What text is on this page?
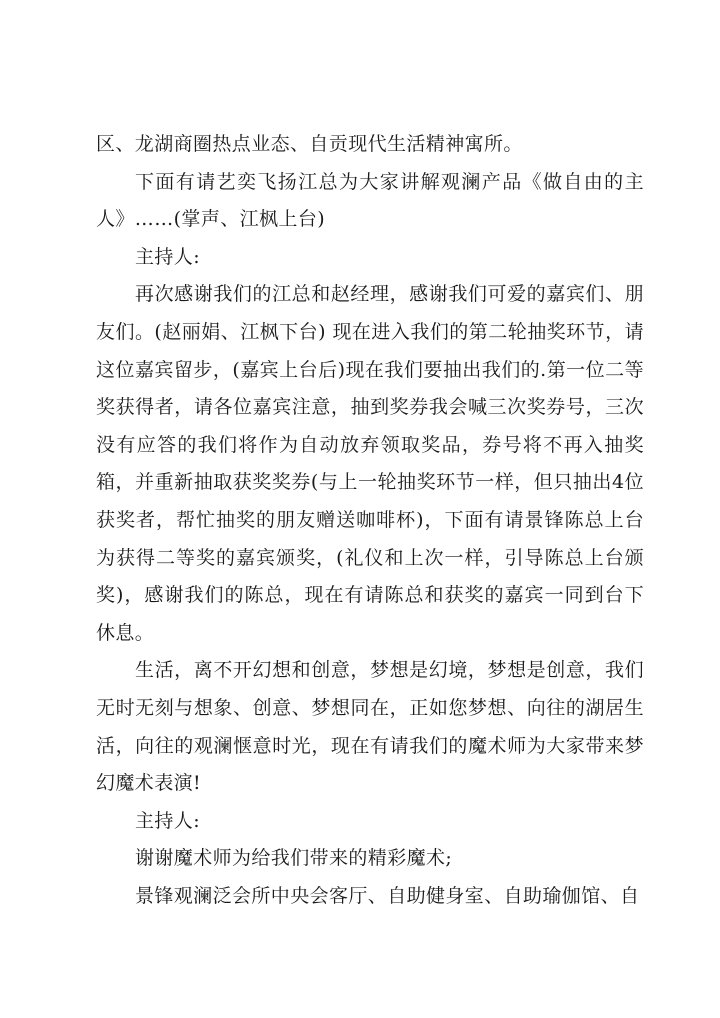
区、龙湖商圈热点业态、自贡现代生活精神寓所。

下面有请艺奕飞扬江总为大家讲解观澜产品《做自由的主人》……(掌声、江枫上台)

主持人:

再次感谢我们的江总和赵经理，感谢我们可爱的嘉宾们、朋友们。(赵丽娟、江枫下台) 现在进入我们的第二轮抽奖环节，请这位嘉宾留步，(嘉宾上台后)现在我们要抽出我们的.第一位二等奖获得者，请各位嘉宾注意，抽到奖券我会喊三次奖券号，三次没有应答的我们将作为自动放弃领取奖品，券号将不再入抽奖箱，并重新抽取获奖奖券(与上一轮抽奖环节一样，但只抽出4位获奖者，帮忙抽奖的朋友赠送咖啡杯)，下面有请景锋陈总上台为获得二等奖的嘉宾颁奖，(礼仪和上次一样，引导陈总上台颁奖)，感谢我们的陈总，现在有请陈总和获奖的嘉宾一同到台下休息。

生活，离不开幻想和创意，梦想是幻境，梦想是创意，我们无时无刻与想象、创意、梦想同在，正如您梦想、向往的湖居生活，向往的观澜惬意时光，现在有请我们的魔术师为大家带来梦幻魔术表演!

主持人:

谢谢魔术师为给我们带来的精彩魔术;

景锋观澜泛会所中央会客厅、自助健身室、自助瑜伽馆、自
